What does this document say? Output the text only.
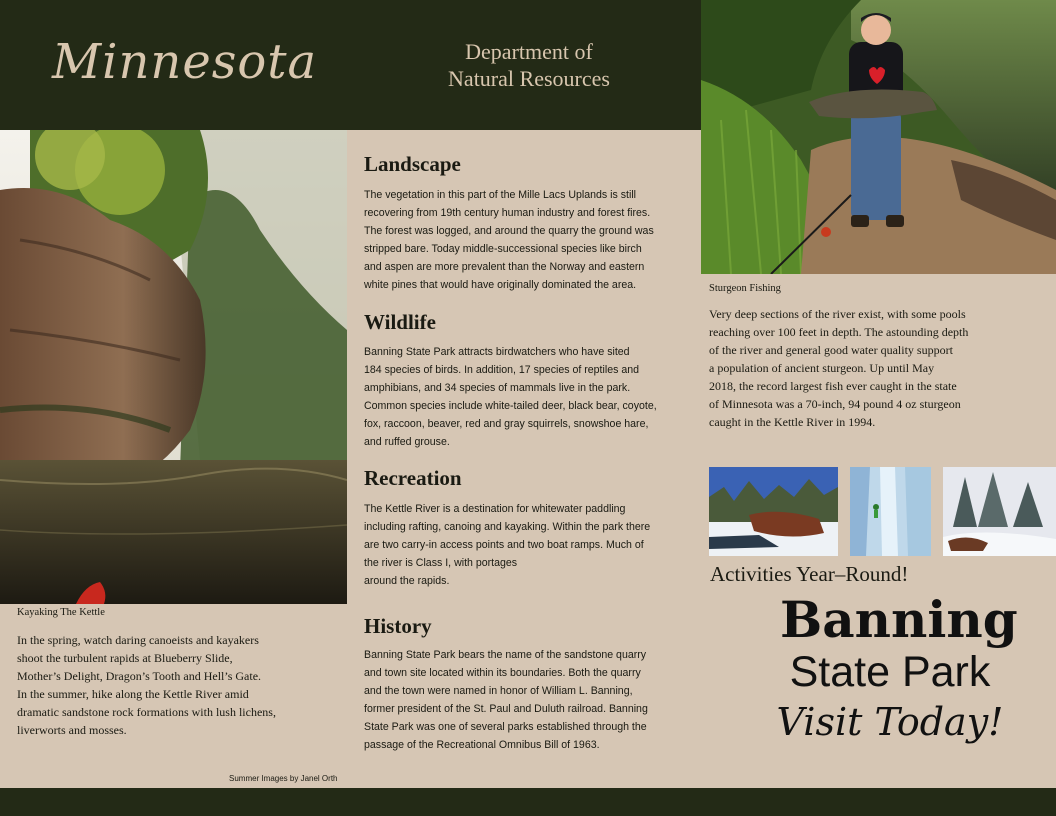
Minnesota	Department of
Natural Resources
Kayaking The Kettle
In the spring, watch daring canoeists and kayakers
shoot the turbulent rapids at Blueberry Slide,
Mother’s Delight, Dragon’s Tooth and Hell’s Gate.
In the summer, hike along the Kettle River amid
dramatic sandstone rock formations with lush lichens,
liverworts and mosses.
Summer Images by Janel Orth
Landscape
The vegetation in this part of the Mille Lacs Uplands is still
recovering from 19th century human industry and forest fires.
The forest was logged, and around the quarry the ground was
stripped bare. Today middle-successional species like birch
and aspen are more prevalent than the Norway and eastern
white pines that would have originally dominated the area.
Wildlife
Banning State Park attracts birdwatchers who have sited
184 species of birds. In addition, 17 species of reptiles and
amphibians, and 34 species of mammals live in the park.
Common species include white-tailed deer, black bear, coyote,
fox, raccoon, beaver, red and gray squirrels, snowshoe hare,
and ruffed grouse.
Recreation
The Kettle River is a destination for whitewater paddling
including rafting, canoing and kayaking. Within the park there
are two carry-in access points and two boat ramps. Much of
the river is Class I, with portages
around the rapids.
History
Banning State Park bears the name of the sandstone quarry
and town site located within its boundaries. Both the quarry
and the town were named in honor of William L. Banning,
former president of the St. Paul and Duluth railroad. Banning
State Park was one of several parks established through the
passage of the Recreational Omnibus Bill of 1963.
Sturgeon Fishing
Very deep sections of the river exist, with some pools
reaching over 100 feet in depth. The astounding depth
of the river and general good water quality support
a population of ancient sturgeon. Up until May
2018, the record largest fish ever caught in the state
of Minnesota was a 70-inch, 94 pound 4 oz sturgeon
caught in the Kettle River in 1994.
Activities Year–Round!
Banning
State Park
Visit Today!
